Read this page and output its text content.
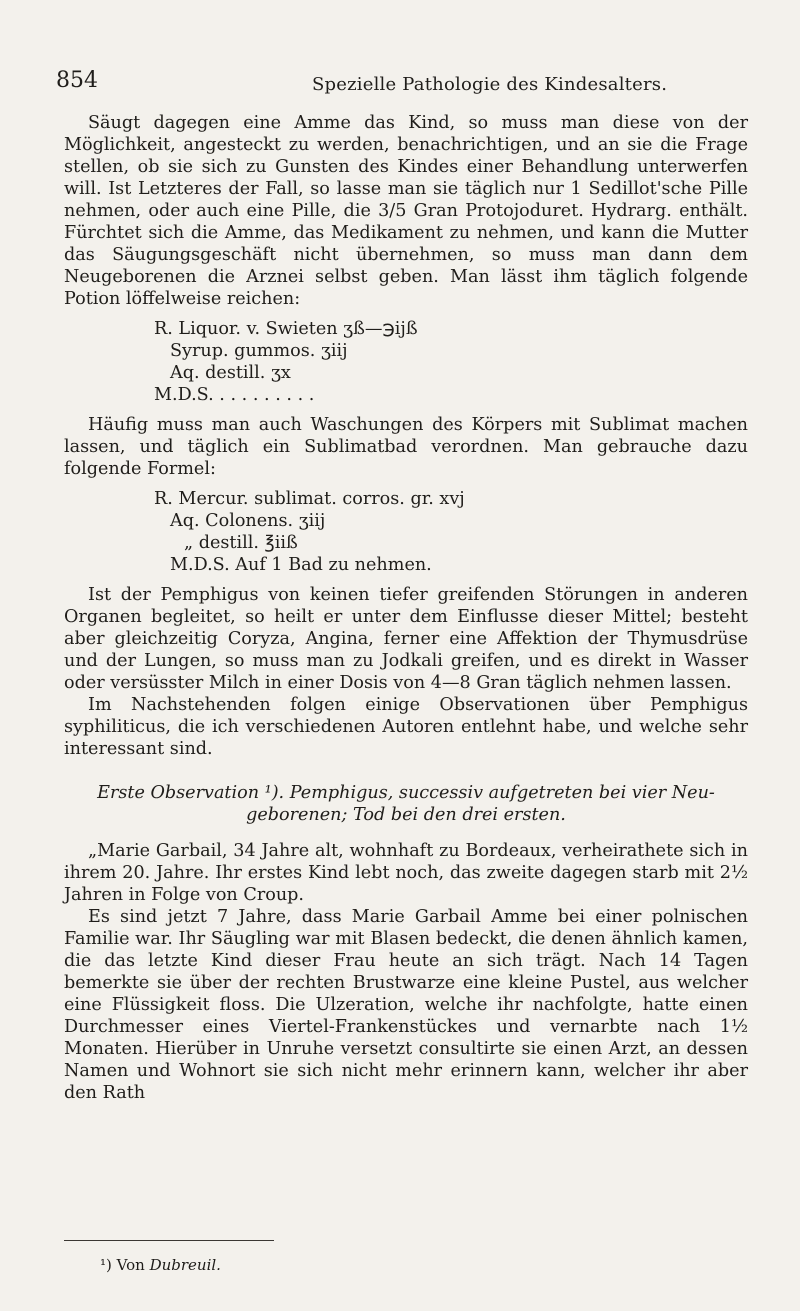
854	Spezielle Pathologie des Kindesalters.

Säugt dagegen eine Amme das Kind, so muss man diese von der Möglichkeit, angesteckt zu werden, benachrichtigen, und an sie die Frage stellen, ob sie sich zu Gunsten des Kindes einer Behandlung unterwerfen will. Ist Letzteres der Fall, so lasse man sie täglich nur 1 Sedillot'sche Pille nehmen, oder auch eine Pille, die 3/5 Gran Protojoduret. Hydrarg. enthält. Fürchtet sich die Amme, das Medikament zu nehmen, und kann die Mutter das Säugungsgeschäft nicht übernehmen, so muss man dann dem Neugeborenen die Arznei selbst geben. Man lässt ihm täglich folgende Potion löffelweise reichen:

R. Liquor. v. Swieten ʒß—℈ijß
Syrup. gummos. ʒiij
Aq. destill. ʒx
M.D.S. . . . . . . . . .

Häufig muss man auch Waschungen des Körpers mit Sublimat machen lassen, und täglich ein Sublimatbad verordnen. Man gebrauche dazu folgende Formel:

R. Mercur. sublimat. corros. gr. xvj
Aq. Colonens. ʒiij
„ destill. ℥iiß
M.D.S. Auf 1 Bad zu nehmen.

Ist der Pemphigus von keinen tiefer greifenden Störungen in anderen Organen begleitet, so heilt er unter dem Einflusse dieser Mittel; besteht aber gleichzeitig Coryza, Angina, ferner eine Affektion der Thymusdrüse und der Lungen, so muss man zu Jodkali greifen, und es direkt in Wasser oder versüsster Milch in einer Dosis von 4—8 Gran täglich nehmen lassen.

Im Nachstehenden folgen einige Observationen über Pemphigus syphiliticus, die ich verschiedenen Autoren entlehnt habe, und welche sehr interessant sind.

Erste Observation ¹). Pemphigus, successiv aufgetreten bei vier Neu-
geborenen; Tod bei den drei ersten.

„Marie Garbail, 34 Jahre alt, wohnhaft zu Bordeaux, verheirathete sich in ihrem 20. Jahre. Ihr erstes Kind lebt noch, das zweite dagegen starb mit 2½ Jahren in Folge von Croup.

Es sind jetzt 7 Jahre, dass Marie Garbail Amme bei einer polnischen Familie war. Ihr Säugling war mit Blasen bedeckt, die denen ähnlich kamen, die das letzte Kind dieser Frau heute an sich trägt. Nach 14 Tagen bemerkte sie über der rechten Brustwarze eine kleine Pustel, aus welcher eine Flüssigkeit floss. Die Ulzeration, welche ihr nachfolgte, hatte einen Durchmesser eines Viertel-Frankenstückes und vernarbte nach 1½ Monaten. Hierüber in Unruhe versetzt consultirte sie einen Arzt, an dessen Namen und Wohnort sie sich nicht mehr erinnern kann, welcher ihr aber den Rath

¹) Von Dubreuil.
